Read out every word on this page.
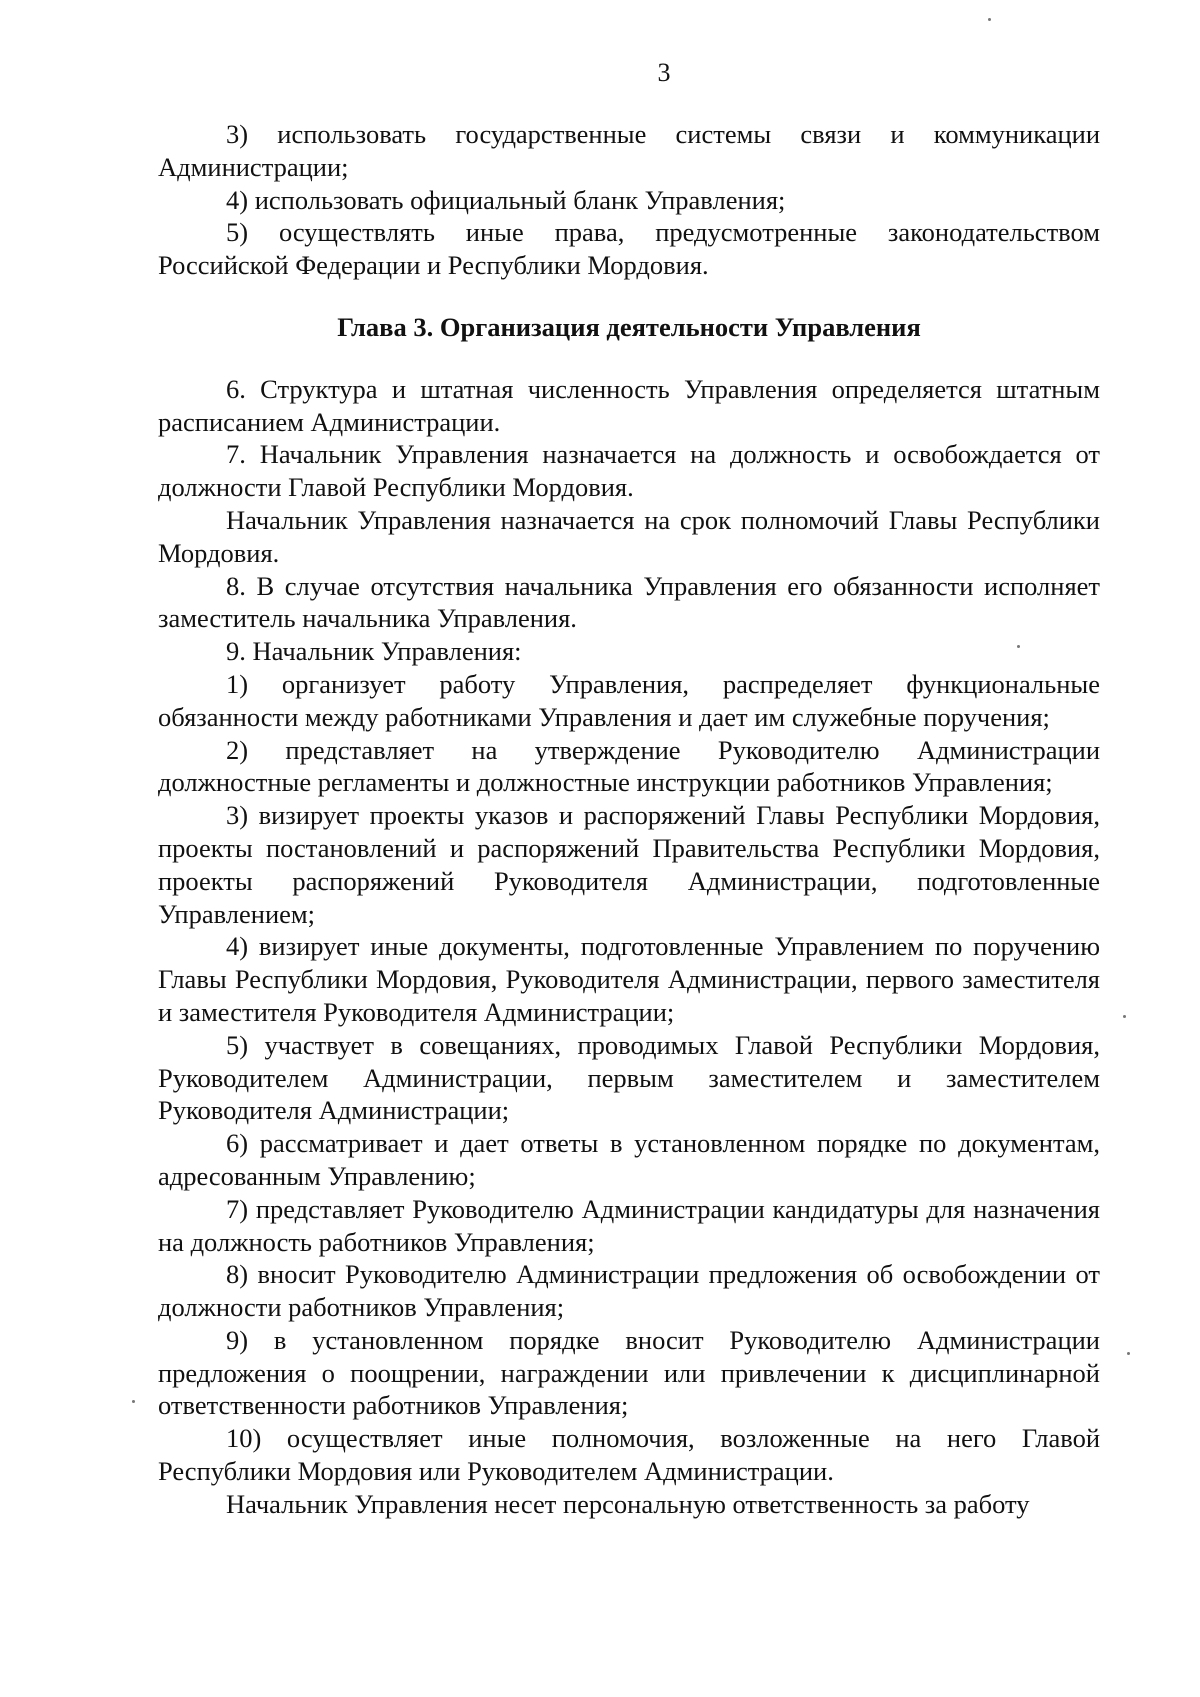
3

3) использовать государственные системы связи и коммуникации Администрации;

4) использовать официальный бланк Управления;

5) осуществлять иные права, предусмотренные законодательством Российской Федерации и Республики Мордовия.

Глава 3. Организация деятельности Управления

6. Структура и штатная численность Управления определяется штатным расписанием Администрации.

7. Начальник Управления назначается на должность и освобождается от должности Главой Республики Мордовия.

Начальник Управления назначается на срок полномочий Главы Республики Мордовия.

8. В случае отсутствия начальника Управления его обязанности исполняет заместитель начальника Управления.

9. Начальник Управления:

1) организует работу Управления, распределяет функциональные обязанности между работниками Управления и дает им служебные поручения;

2) представляет на утверждение Руководителю Администрации должностные регламенты и должностные инструкции работников Управления;

3) визирует проекты указов и распоряжений Главы Республики Мордовия, проекты постановлений и распоряжений Правительства Республики Мордовия, проекты распоряжений Руководителя Администрации, подготовленные Управлением;

4) визирует иные документы, подготовленные Управлением по поручению Главы Республики Мордовия, Руководителя Администрации, первого заместителя и заместителя Руководителя Администрации;

5) участвует в совещаниях, проводимых Главой Республики Мордовия, Руководителем Администрации, первым заместителем и заместителем Руководителя Администрации;

6) рассматривает и дает ответы в установленном порядке по документам, адресованным Управлению;

7) представляет Руководителю Администрации кандидатуры для назначения на должность работников Управления;

8) вносит Руководителю Администрации предложения об освобождении от должности работников Управления;

9) в установленном порядке вносит Руководителю Администрации предложения о поощрении, награждении или привлечении к дисциплинарной ответственности работников Управления;

10) осуществляет иные полномочия, возложенные на него Главой Республики Мордовия или Руководителем Администрации.

Начальник Управления несет персональную ответственность за работу
